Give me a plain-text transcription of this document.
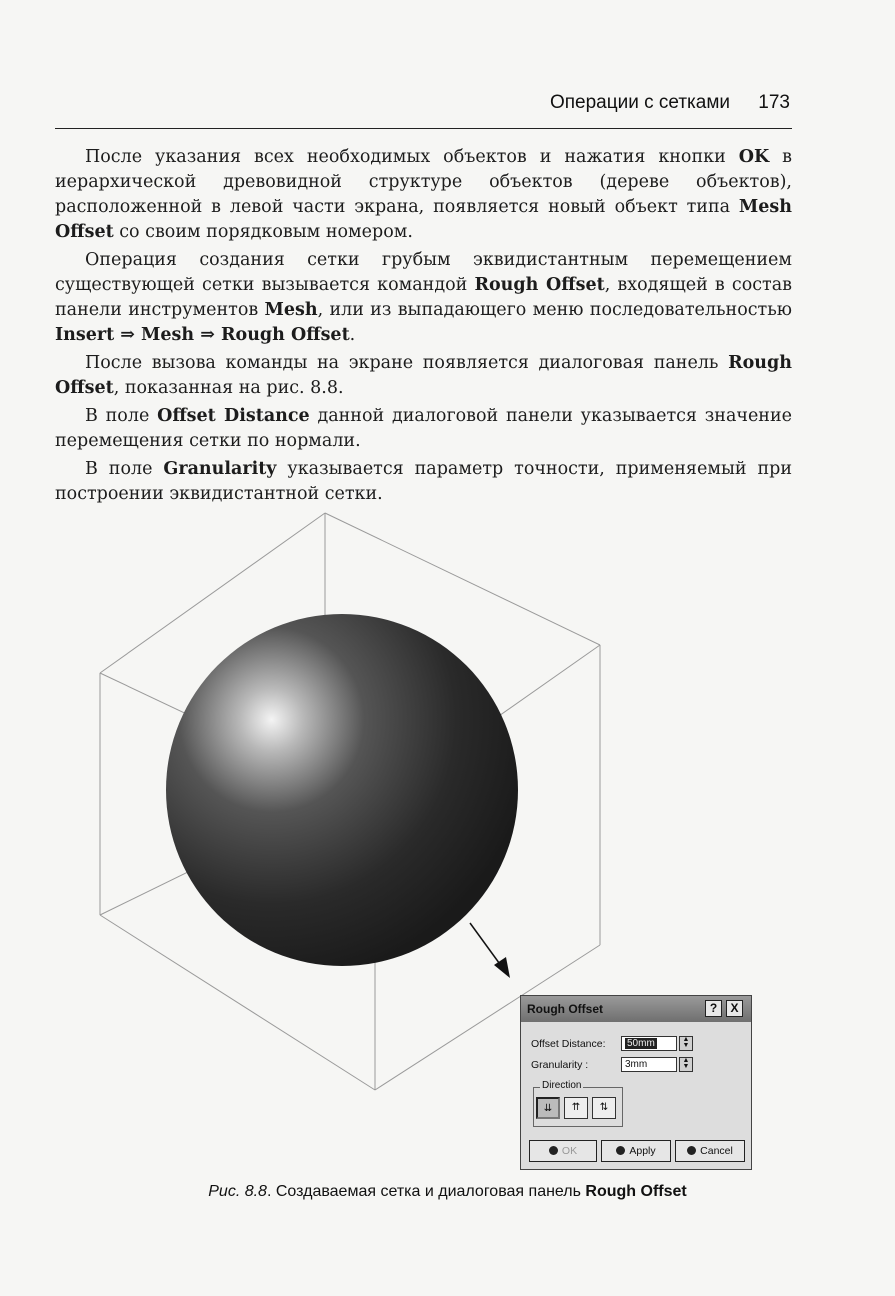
Операции с сетками 173

После указания всех необходимых объектов и нажатия кнопки OK в иерархической древовидной структуре объектов (дереве объектов), расположенной в левой части экрана, появляется новый объект типа Mesh Offset со своим порядковым номером.

Операция создания сетки грубым эквидистантным перемещением существующей сетки вызывается командой Rough Offset, входящей в состав панели инструментов Mesh, или из выпадающего меню последовательностью Insert ⇒ Mesh ⇒ Rough Offset.

После вызова команды на экране появляется диалоговая панель Rough Offset, показанная на рис. 8.8.

В поле Offset Distance данной диалоговой панели указывается значение перемещения сетки по нормали.

В поле Granularity указывается параметр точности, применяемый при построении эквидистантной сетки.

Rough Offset	?	X
Offset Distance:	50mm	▲
▼
Granularity :	3mm	▲
▼
Direction
⇊	⇈	⇅
OK	Apply	Cancel
Рис. 8.8. Создаваемая сетка и диалоговая панель Rough Offset
